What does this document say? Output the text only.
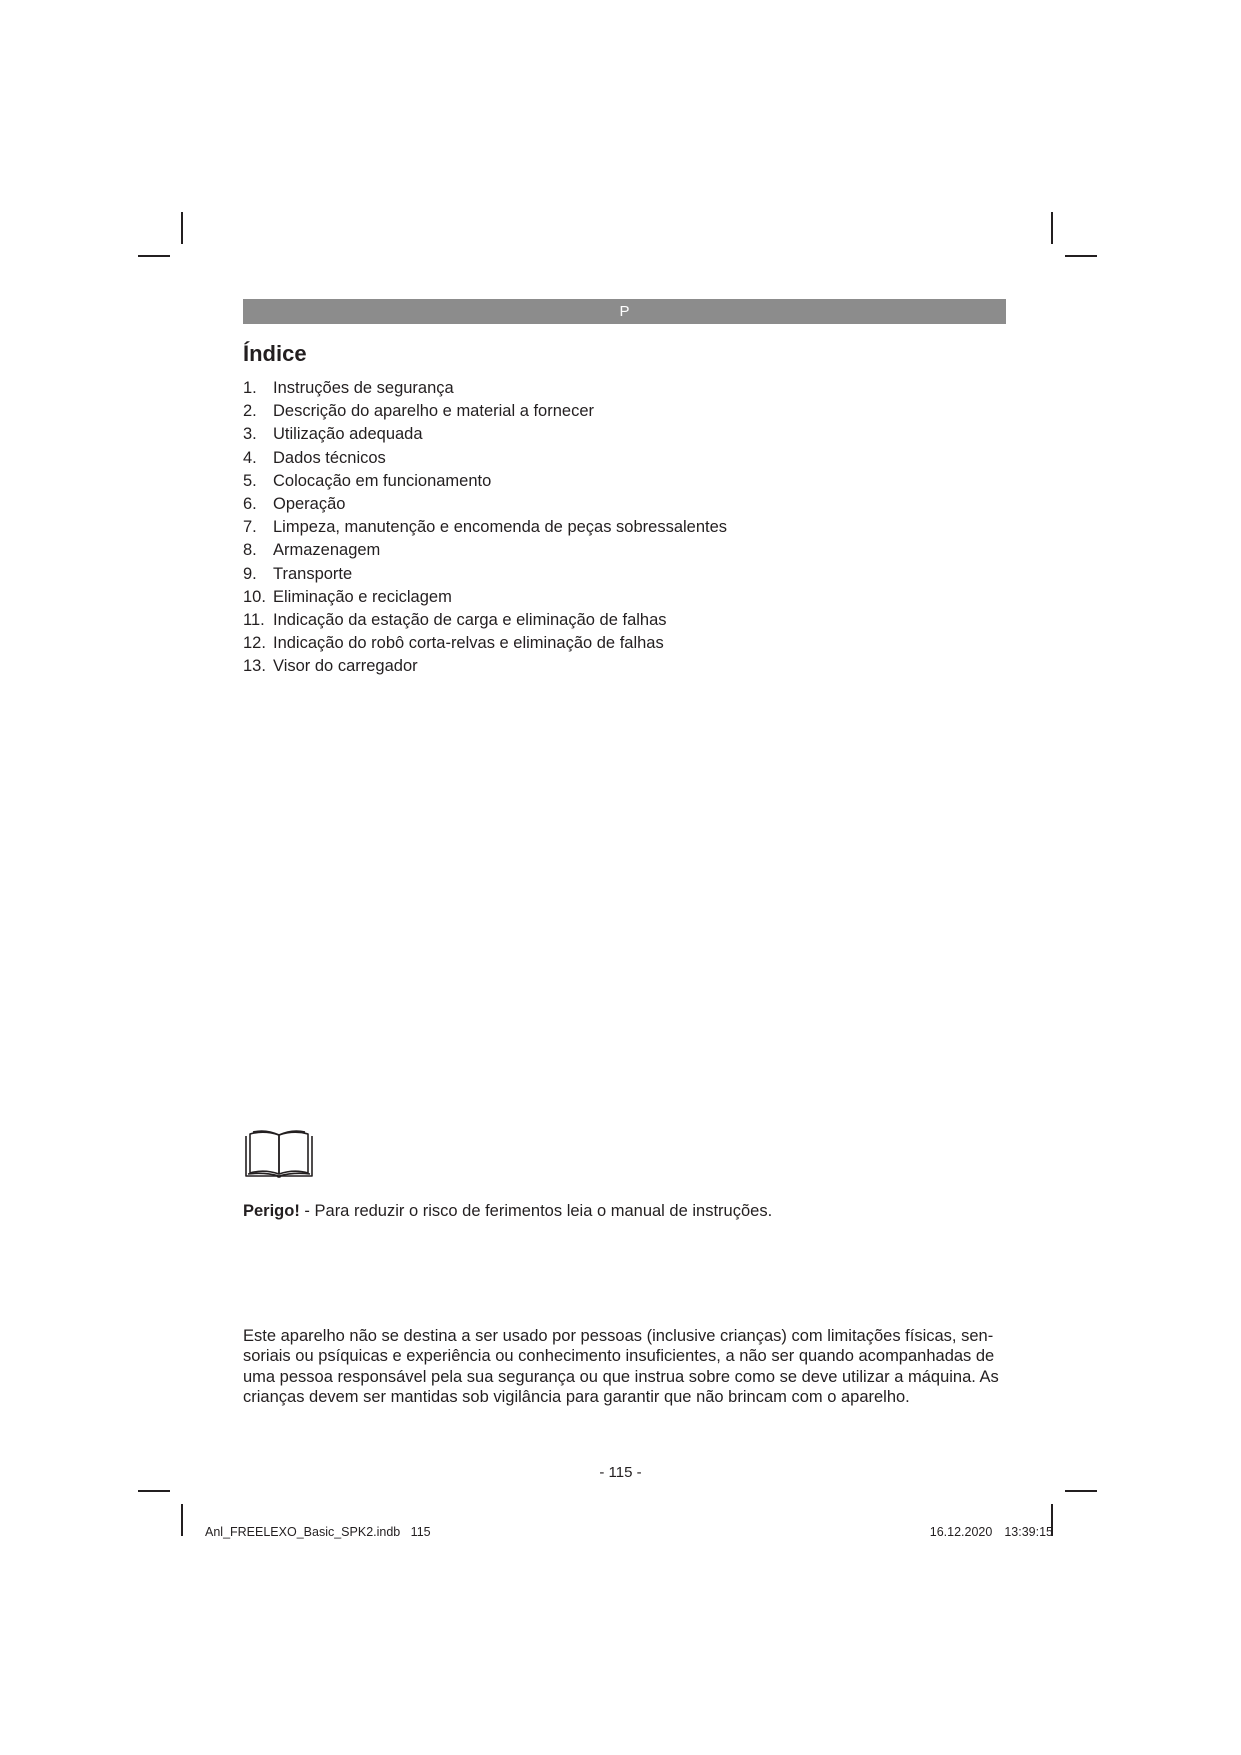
P
Índice
1. Instruções de segurança
2. Descrição do aparelho e material a fornecer
3. Utilização adequada
4. Dados técnicos
5. Colocação em funcionamento
6. Operação
7. Limpeza, manutenção e encomenda de peças sobressalentes
8. Armazenagem
9. Transporte
10. Eliminação e reciclagem
11. Indicação da estação de carga e eliminação de falhas
12. Indicação do robô corta-relvas e eliminação de falhas
13. Visor do carregador
Perigo! - Para reduzir o risco de ferimentos leia o manual de instruções.

Este aparelho não se destina a ser usado por pessoas (inclusive crianças) com limitações físicas, sen-soriais ou psíquicas e experiência ou conhecimento insuficientes, a não ser quando acompanhadas de uma pessoa responsável pela sua segurança ou que instrua sobre como se deve utilizar a máquina. As crianças devem ser mantidas sob vigilância para garantir que não brincam com o aparelho.

- 115 -
Anl_FREELEXO_Basic_SPK2.indb   115	16.12.2020 13:39:15
